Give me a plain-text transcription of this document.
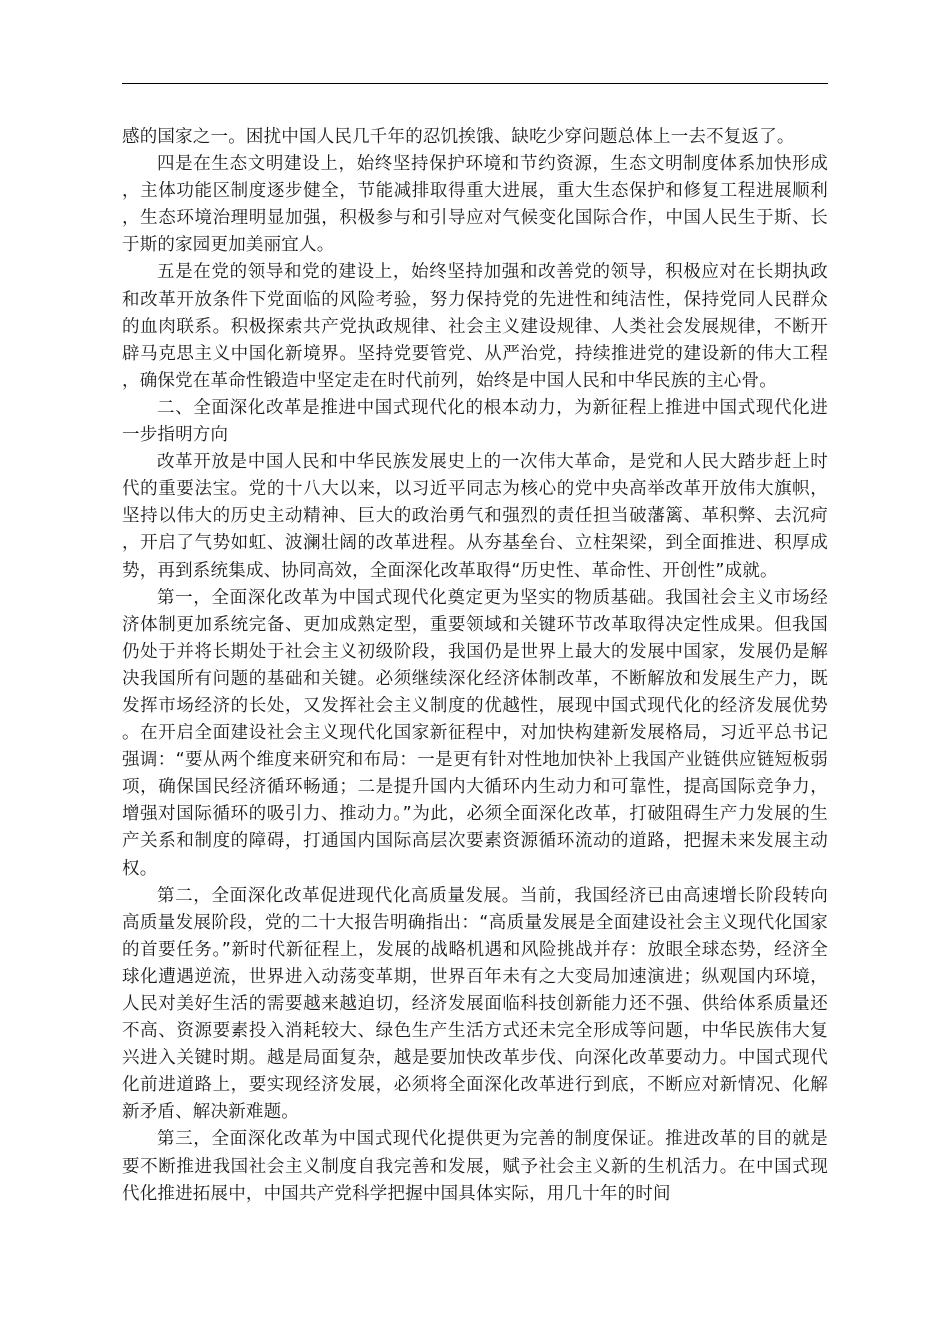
感的国家之一。困扰中国人民几千年的忍饥挨饿、缺吃少穿问题总体上一去不复返了。

四是在生态文明建设上，始终坚持保护环境和节约资源，生态文明制度体系加快形成，主体功能区制度逐步健全，节能减排取得重大进展，重大生态保护和修复工程进展顺利，生态环境治理明显加强，积极参与和引导应对气候变化国际合作，中国人民生于斯、长于斯的家园更加美丽宜人。

五是在党的领导和党的建设上，始终坚持加强和改善党的领导，积极应对在长期执政和改革开放条件下党面临的风险考验，努力保持党的先进性和纯洁性，保持党同人民群众的血肉联系。积极探索共产党执政规律、社会主义建设规律、人类社会发展规律，不断开辟马克思主义中国化新境界。坚持党要管党、从严治党，持续推进党的建设新的伟大工程，确保党在革命性锻造中坚定走在时代前列，始终是中国人民和中华民族的主心骨。

二、全面深化改革是推进中国式现代化的根本动力，为新征程上推进中国式现代化进一步指明方向

改革开放是中国人民和中华民族发展史上的一次伟大革命，是党和人民大踏步赶上时代的重要法宝。党的十八大以来，以习近平同志为核心的党中央高举改革开放伟大旗帜，坚持以伟大的历史主动精神、巨大的政治勇气和强烈的责任担当破藩篱、革积弊、去沉疴，开启了气势如虹、波澜壮阔的改革进程。从夯基垒台、立柱架梁，到全面推进、积厚成势，再到系统集成、协同高效，全面深化改革取得“历史性、革命性、开创性”成就。

第一，全面深化改革为中国式现代化奠定更为坚实的物质基础。我国社会主义市场经济体制更加系统完备、更加成熟定型，重要领域和关键环节改革取得决定性成果。但我国仍处于并将长期处于社会主义初级阶段，我国仍是世界上最大的发展中国家，发展仍是解决我国所有问题的基础和关键。必须继续深化经济体制改革，不断解放和发展生产力，既发挥市场经济的长处，又发挥社会主义制度的优越性，展现中国式现代化的经济发展优势。在开启全面建设社会主义现代化国家新征程中，对加快构建新发展格局，习近平总书记强调：“要从两个维度来研究和布局：一是更有针对性地加快补上我国产业链供应链短板弱项，确保国民经济循环畅通；二是提升国内大循环内生动力和可靠性，提高国际竞争力，增强对国际循环的吸引力、推动力。”为此，必须全面深化改革，打破阻碍生产力发展的生产关系和制度的障碍，打通国内国际高层次要素资源循环流动的道路，把握未来发展主动权。

第二，全面深化改革促进现代化高质量发展。当前，我国经济已由高速增长阶段转向高质量发展阶段，党的二十大报告明确指出：“高质量发展是全面建设社会主义现代化国家的首要任务。”新时代新征程上，发展的战略机遇和风险挑战并存：放眼全球态势，经济全球化遭遇逆流，世界进入动荡变革期，世界百年未有之大变局加速演进；纵观国内环境，人民对美好生活的需要越来越迫切，经济发展面临科技创新能力还不强、供给体系质量还不高、资源要素投入消耗较大、绿色生产生活方式还未完全形成等问题，中华民族伟大复兴进入关键时期。越是局面复杂，越是要加快改革步伐、向深化改革要动力。中国式现代化前进道路上，要实现经济发展，必须将全面深化改革进行到底，不断应对新情况、化解新矛盾、解决新难题。

第三，全面深化改革为中国式现代化提供更为完善的制度保证。推进改革的目的就是要不断推进我国社会主义制度自我完善和发展，赋予社会主义新的生机活力。在中国式现代化推进拓展中，中国共产党科学把握中国具体实际，用几十年的时间
